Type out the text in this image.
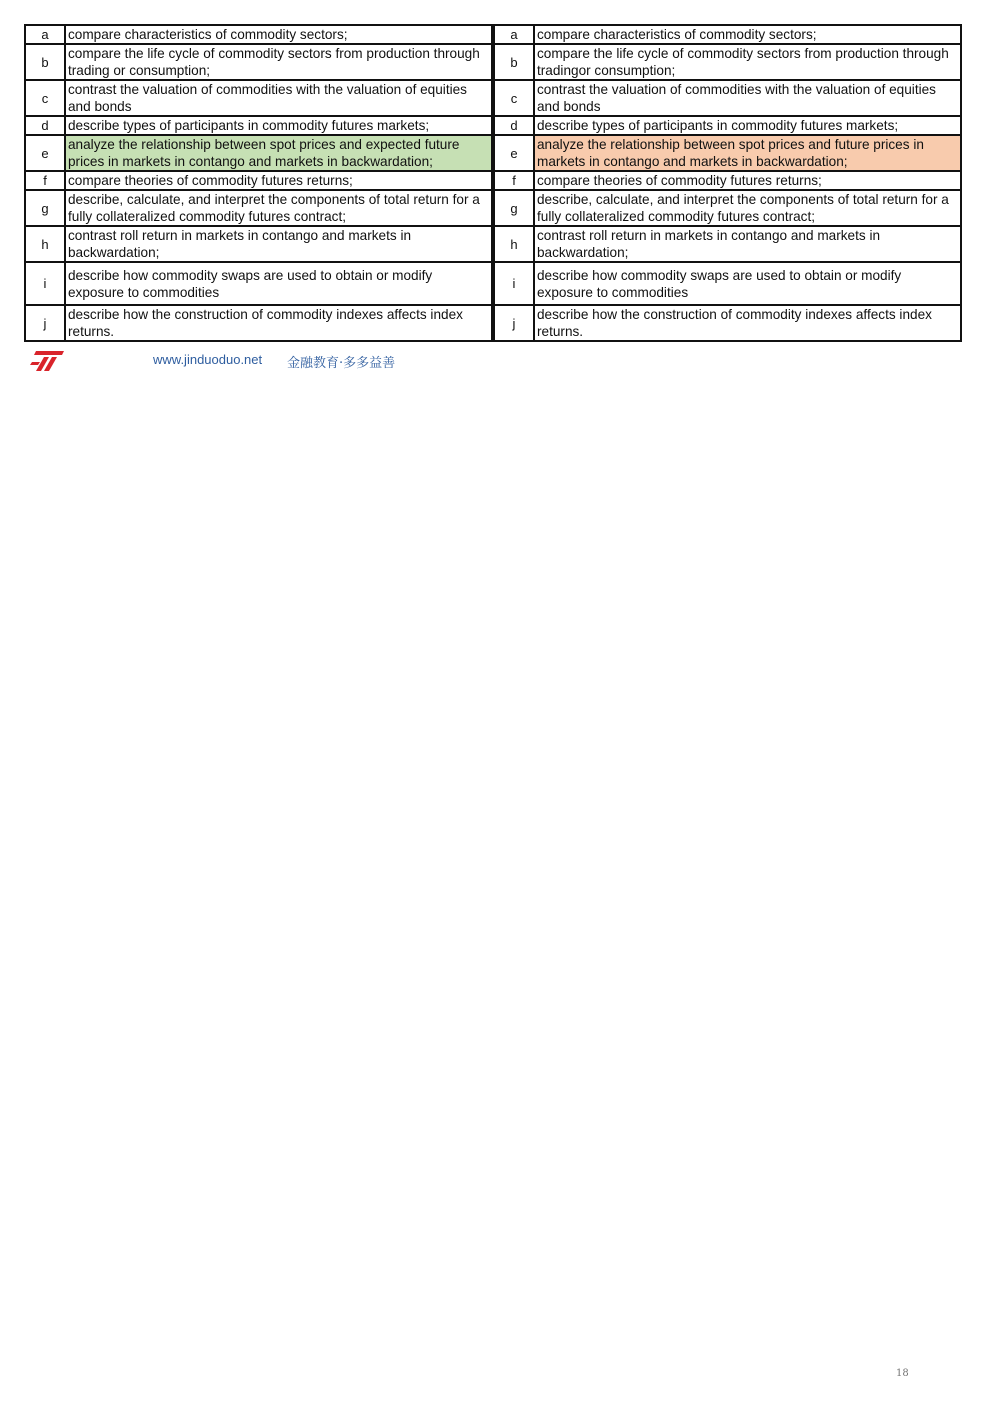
a	compare characteristics of commodity sectors;
b	compare the life cycle of commodity sectors from production through trading or consumption;
c	contrast the valuation of commodities with the valuation of equities and bonds
d	describe types of participants in commodity futures markets;
e	analyze the relationship between spot prices and expected future prices in markets in contango and markets in backwardation;
f	compare theories of commodity futures returns;
g	describe, calculate, and interpret the components of total return for a fully collateralized commodity futures contract;
h	contrast roll return in markets in contango and markets in backwardation;
i	describe how commodity swaps are used to obtain or modify exposure to commodities
j	describe how the construction of commodity indexes affects index returns.
a	compare characteristics of commodity sectors;
b	compare the life cycle of commodity sectors from production through tradingor consumption;
c	contrast the valuation of commodities with the valuation of equities and bonds
d	describe types of participants in commodity futures markets;
e	analyze the relationship between spot prices and future prices in markets in contango and markets in backwardation;
f	compare theories of commodity futures returns;
g	describe, calculate, and interpret the components of total return for a fully collateralized commodity futures contract;
h	contrast roll return in markets in contango and markets in backwardation;
i	describe how commodity swaps are used to obtain or modify exposure to commodities
j	describe how the construction of commodity indexes affects index returns.
www.jinduoduo.net 金融教育·多多益善
18
